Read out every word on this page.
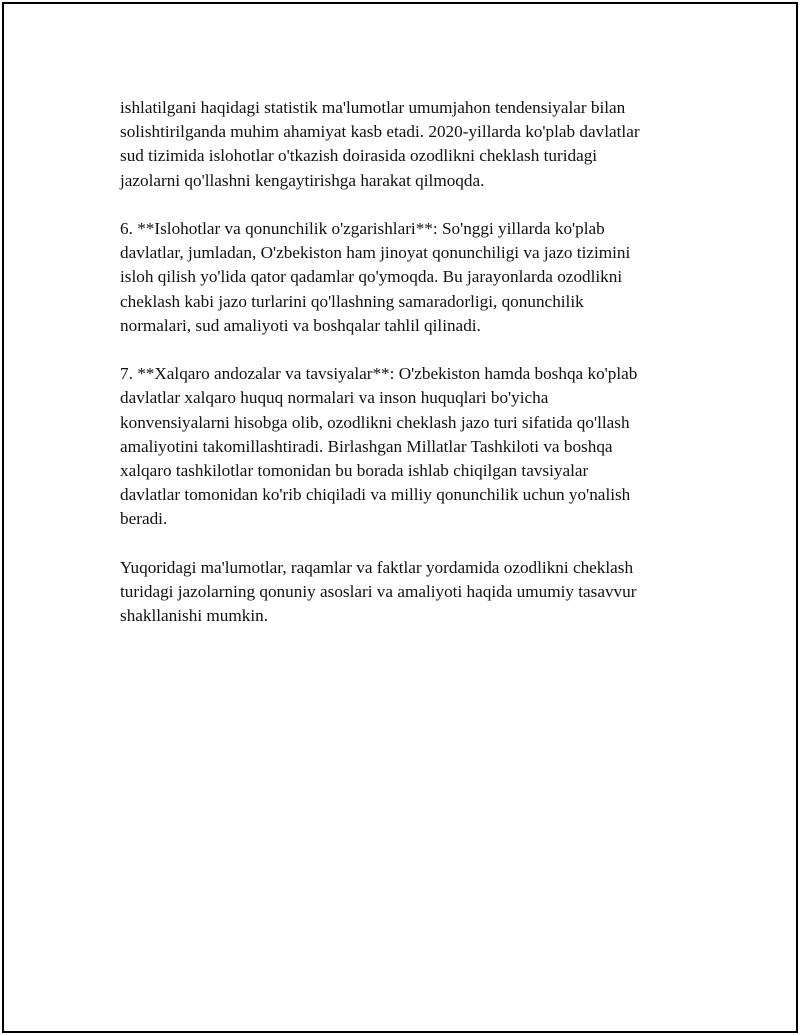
ishlatilgani haqidagi statistik ma'lumotlar umumjahon tendensiyalar bilan
solishtirilganda muhim ahamiyat kasb etadi. 2020-yillarda ko'plab davlatlar
sud tizimida islohotlar o'tkazish doirasida ozodlikni cheklash turidagi
jazolarni qo'llashni kengaytirishga harakat qilmoqda.

6. **Islohotlar va qonunchilik o'zgarishlari**: So'nggi yillarda ko'plab
davlatlar, jumladan, O'zbekiston ham jinoyat qonunchiligi va jazo tizimini
isloh qilish yo'lida qator qadamlar qo'ymoqda. Bu jarayonlarda ozodlikni
cheklash kabi jazo turlarini qo'llashning samaradorligi, qonunchilik
normalari, sud amaliyoti va boshqalar tahlil qilinadi.

7. **Xalqaro andozalar va tavsiyalar**: O'zbekiston hamda boshqa ko'plab
davlatlar xalqaro huquq normalari va inson huquqlari bo'yicha
konvensiyalarni hisobga olib, ozodlikni cheklash jazo turi sifatida qo'llash
amaliyotini takomillashtiradi. Birlashgan Millatlar Tashkiloti va boshqa
xalqaro tashkilotlar tomonidan bu borada ishlab chiqilgan tavsiyalar
davlatlar tomonidan ko'rib chiqiladi va milliy qonunchilik uchun yo'nalish
beradi.

Yuqoridagi ma'lumotlar, raqamlar va faktlar yordamida ozodlikni cheklash
turidagi jazolarning qonuniy asoslari va amaliyoti haqida umumiy tasavvur
shakllanishi mumkin.
